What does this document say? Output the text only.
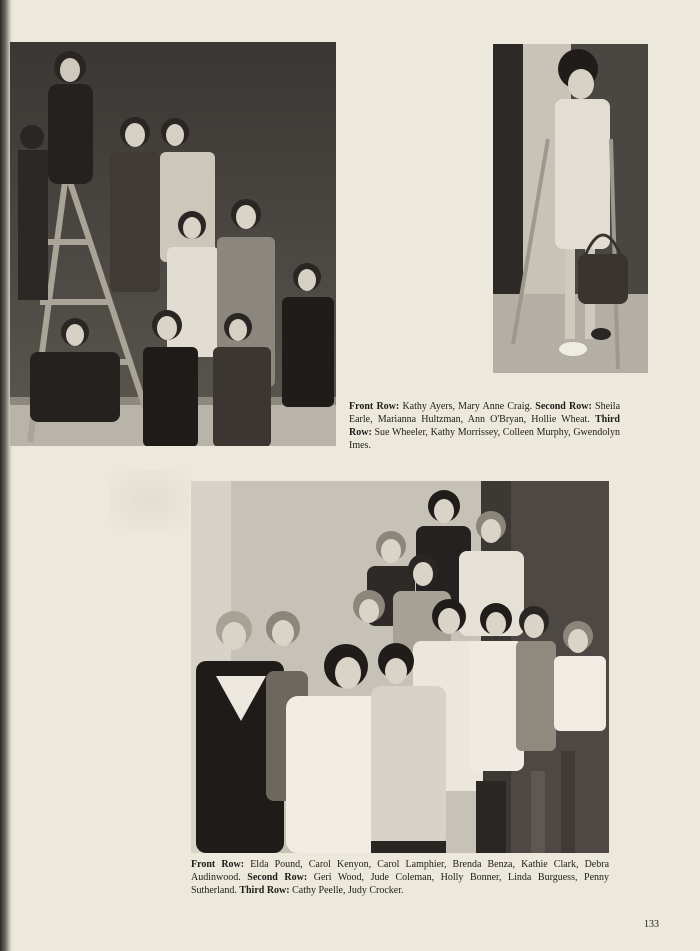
Front Row: Kathy Ayers, Mary Anne Craig. Second Row: Sheila Earle, Marianna Hultzman, Ann O'Bryan, Hollie Wheat. Third Row: Sue Wheeler, Kathy Morrissey, Colleen Murphy, Gwendolyn Imes.
Front Row: Elda Pound, Carol Kenyon, Carol Lamphier, Brenda Benza, Kathie Clark, Debra Audinwood. Second Row: Geri Wood, Jude Coleman, Holly Bonner, Linda Burguess, Penny Sutherland. Third Row: Cathy Peelle, Judy Crocker.
133
